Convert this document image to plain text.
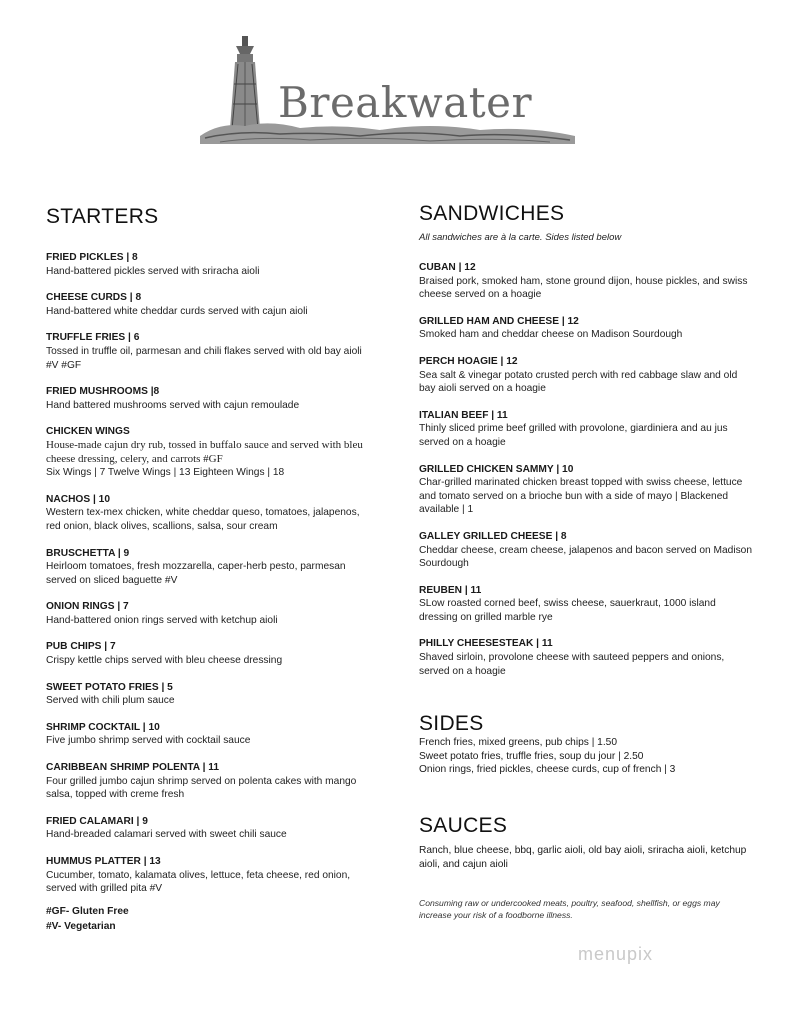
Breakwater
STARTERS
FRIED PICKLES | 8
Hand-battered pickles served with sriracha aioli
CHEESE CURDS | 8
Hand-battered white cheddar curds served with cajun aioli
TRUFFLE FRIES | 6
Tossed in truffle oil, parmesan and chili flakes served with old bay aioli #V #GF
FRIED MUSHROOMS |8
Hand battered mushrooms served with cajun remoulade
CHICKEN WINGS
House-made cajun dry rub, tossed in buffalo sauce and served with bleu cheese dressing, celery, and carrots #GF
Six Wings | 7 Twelve Wings | 13 Eighteen Wings | 18
NACHOS | 10
Western tex-mex chicken, white cheddar queso, tomatoes, jalapenos, red onion, black olives, scallions, salsa, sour cream
BRUSCHETTA | 9
Heirloom tomatoes, fresh mozzarella, caper-herb pesto, parmesan served on sliced baguette #V
ONION RINGS | 7
Hand-battered onion rings served with ketchup aioli
PUB CHIPS | 7
Crispy kettle chips served with bleu cheese dressing
SWEET POTATO FRIES | 5
Served with chili plum sauce
SHRIMP COCKTAIL | 10
Five jumbo shrimp served with cocktail sauce
CARIBBEAN SHRIMP POLENTA | 11
Four grilled jumbo cajun shrimp served on polenta cakes with mango salsa, topped with creme fresh
FRIED CALAMARI | 9
Hand-breaded calamari served with sweet chili sauce
HUMMUS PLATTER | 13
Cucumber, tomato, kalamata olives, lettuce, feta cheese, red onion, served with grilled pita #V
#GF- Gluten Free
#V- Vegetarian
SANDWICHES
All sandwiches are à la carte. Sides listed below
CUBAN | 12
Braised pork, smoked ham, stone ground dijon, house pickles, and swiss cheese served on a hoagie
GRILLED HAM AND CHEESE | 12
Smoked ham and cheddar cheese on Madison Sourdough
PERCH HOAGIE | 12
Sea salt & vinegar potato crusted perch with red cabbage slaw and old bay aioli served on a hoagie
ITALIAN BEEF | 11
Thinly sliced prime beef grilled with provolone, giardiniera and au jus served on a hoagie
GRILLED CHICKEN SAMMY | 10
Char-grilled marinated chicken breast topped with swiss cheese, lettuce and tomato served on a brioche bun with a side of mayo | Blackened available | 1
GALLEY GRILLED CHEESE | 8
Cheddar cheese, cream cheese, jalapenos and bacon served on Madison Sourdough
REUBEN | 11
SLow roasted corned beef, swiss cheese, sauerkraut, 1000 island dressing on grilled marble rye
PHILLY CHEESESTEAK | 11
Shaved sirloin, provolone cheese with sauteed peppers and onions, served on a hoagie
SIDES
French fries, mixed greens, pub chips | 1.50
Sweet potato fries, truffle fries, soup du jour | 2.50
Onion rings, fried pickles, cheese curds, cup of french | 3
SAUCES
Ranch, blue cheese, bbq, garlic aioli, old bay aioli, sriracha aioli, ketchup aioli, and cajun aioli
Consuming raw or undercooked meats, poultry, seafood, shellfish, or eggs may increase your risk of a foodborne illness.
menupix
